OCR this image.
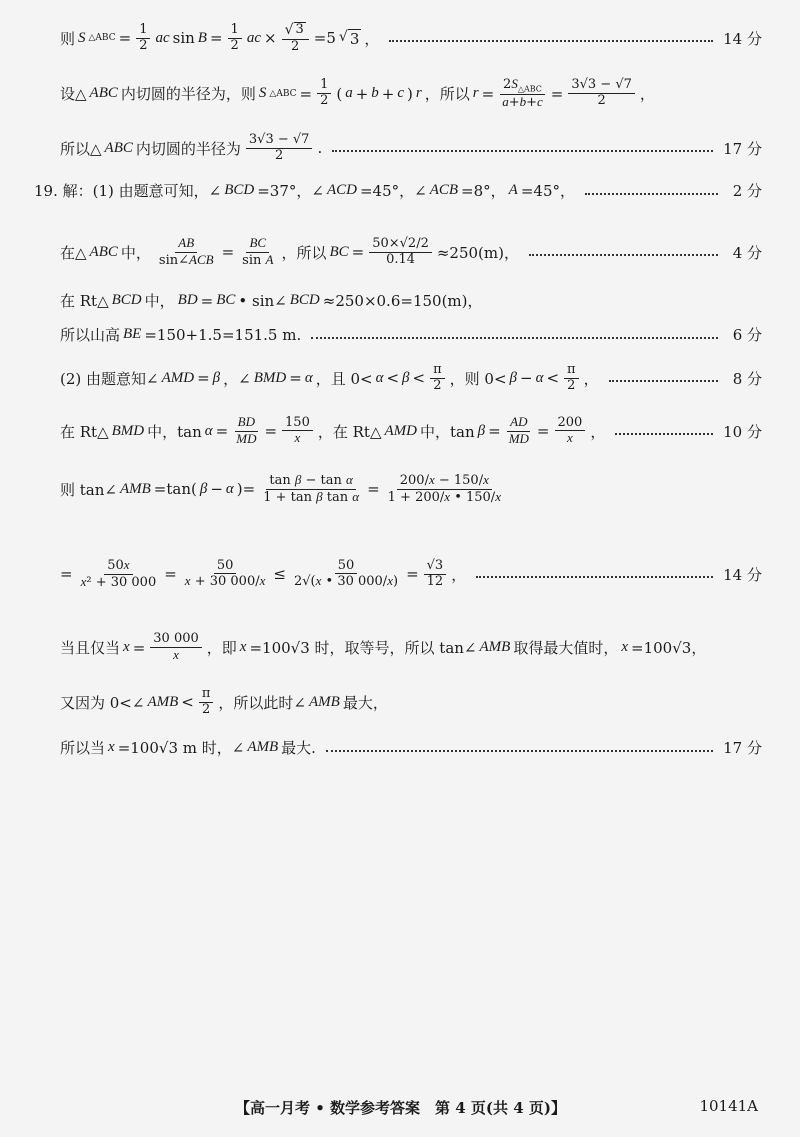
则 S △ABC = $\frac{1}{2}$ ac $\sin B = \frac{1}{2}$ ac × $\frac{√ 3}{2} =5$ √ 3 ，	14 分
设△ ABC 内切圆的半径为，则 S △ABC = $\frac{1}{2}$ ( a + b + c ) r ，所以 $r = \frac{2S_{\triangle ABC}}{a+b+c} = \frac{3√3 - √7}{2}$ ，
所以△ ABC 内切圆的半径为 $\frac{3√3 - √7}{2}$ .	17 分
19. 解：(1) 由题意可知，∠ BCD =37°，∠ ACD =45°，∠ ACB =8°， A =45°，	2 分
在△ ABC 中， $\frac{AB}{\text{sin∠ACB}} = \frac{BC}{\text{sin A}}$ ，所以 BC = $\frac{50\times√2/2}{0.14} \approx 250(m)$，	4 分
在 Rt△ BCD 中， BD = BC • sin∠ BCD ≈250×0.6=150(m)，
所以山高 BE =150+1.5=151.5 m.	6 分
(2) 由题意知∠ AMD = β ，∠ BMD = α ，且 $0< \alpha < \beta < \frac{\pi}{2}$ ，则 $0< \beta - \alpha < \frac{\pi}{2}$ ，	8 分
在 Rt△ BMD 中，$\tan \alpha = \frac{BD}{MD} = \frac{150}{x}$ ，在 Rt△ AMD 中，$\tan \beta = \frac{AD}{MD} = \frac{200}{x}$ ，	10 分
则 tan∠ AMB =tan( β − α )= $\frac{\text{tan β − tan α}}{\text{1 + tan β tan α}} = \frac{200/x - 150/x}{1 + 200/x • 150/x}$
= $\frac{50x}{\text{x² + 30 000}} = \frac{50}{x + 30 000/x} \le \frac{50}{2√(x • 30 000/x)} = \frac{√3}{12}$ ，	14 分
当且仅当 $x = \frac{30 000}{x}$ ，即 x =100√3 时，取等号，所以 tan∠ AMB 取得最大值时， x =100√3，
又因为 0<∠ AMB < $\frac{\pi}{2}$ ，所以此时∠ AMB 最大，
所以当 x =100√3 m 时，∠ AMB 最大.	17 分
【高一月考 • 数学参考答案　第 4 页(共 4 页)】	10141A
